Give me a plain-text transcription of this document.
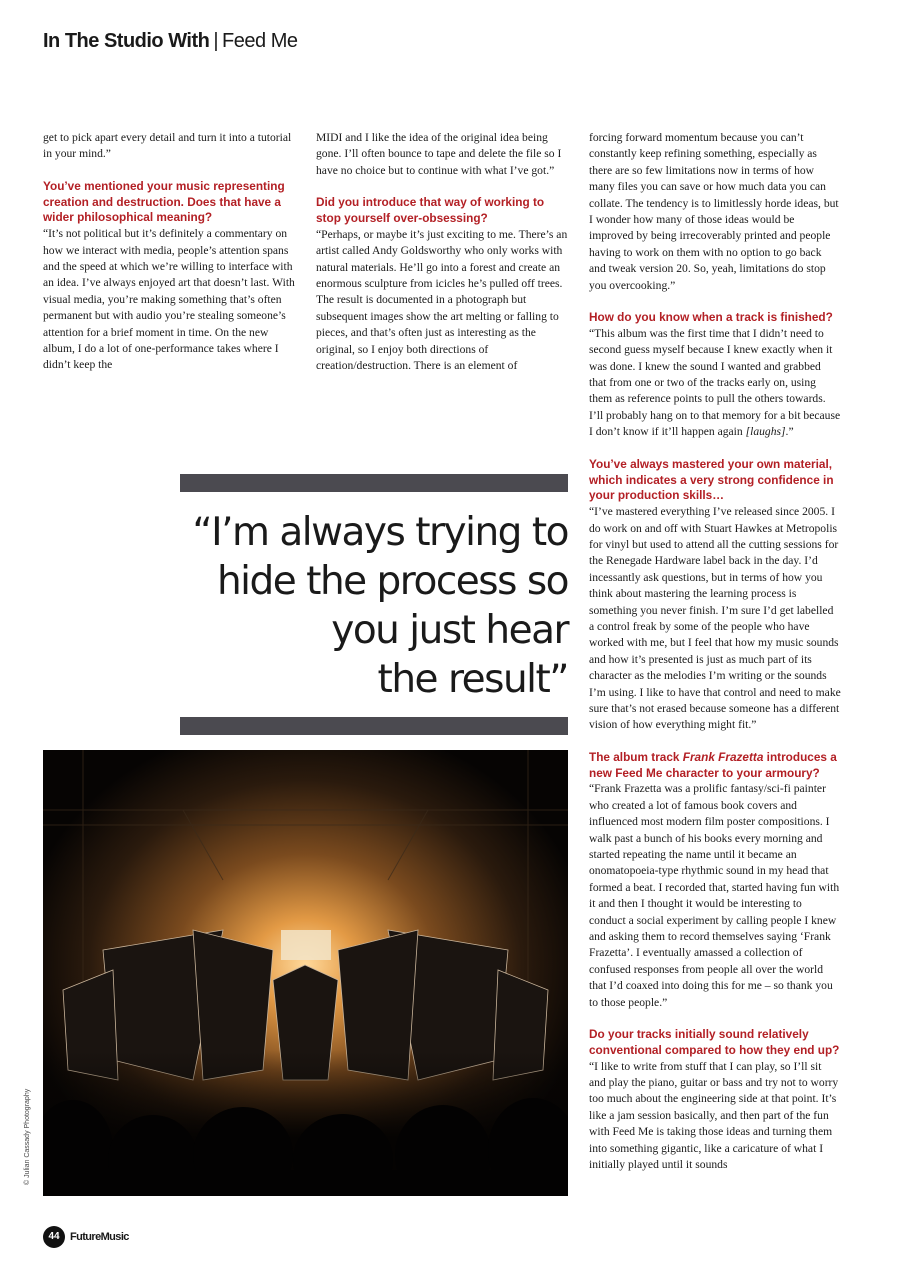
In The Studio With | Feed Me

get to pick apart every detail and turn it into a tutorial in your mind.”

You’ve mentioned your music representing creation and destruction. Does that have a wider philosophical meaning?

“It’s not political but it’s definitely a commentary on how we interact with media, people’s attention spans and the speed at which we’re willing to interface with an idea. I’ve always enjoyed art that doesn’t last. With visual media, you’re making something that’s often permanent but with audio you’re stealing someone’s attention for a brief moment in time. On the new album, I do a lot of one-performance takes where I didn’t keep the

MIDI and I like the idea of the original idea being gone. I’ll often bounce to tape and delete the file so I have no choice but to continue with what I’ve got.”

Did you introduce that way of working to stop yourself over-obsessing?

“Perhaps, or maybe it’s just exciting to me. There’s an artist called Andy Goldsworthy who only works with natural materials. He’ll go into a forest and create an enormous sculpture from icicles he’s pulled off trees. The result is documented in a photograph but subsequent images show the art melting or falling to pieces, and that’s often just as interesting as the original, so I enjoy both directions of creation/destruction. There is an element of

forcing forward momentum because you can’t constantly keep refining something, especially as there are so few limitations now in terms of how many files you can save or how much data you can collate. The tendency is to limitlessly horde ideas, but I wonder how many of those ideas would be improved by being irrecoverably printed and people having to work on them with no option to go back and tweak version 20. So, yeah, limitations do stop you overcooking.”

How do you know when a track is finished?

“This album was the first time that I didn’t need to second guess myself because I knew exactly when it was done. I knew the sound I wanted and grabbed that from one or two of the tracks early on, using them as reference points to pull the others towards. I’ll probably hang on to that memory for a bit because I don’t know if it’ll happen again [laughs].”

You’ve always mastered your own material, which indicates a very strong confidence in your production skills…

“I’ve mastered everything I’ve released since 2005. I do work on and off with Stuart Hawkes at Metropolis for vinyl but used to attend all the cutting sessions for the Renegade Hardware label back in the day. I’d incessantly ask questions, but in terms of how you think about mastering the learning process is something you never finish. I’m sure I’d get labelled a control freak by some of the people who have worked with me, but I feel that how my music sounds and how it’s presented is just as much part of its character as the melodies I’m writing or the sounds I’m using. I like to have that control and need to make sure that’s not erased because someone has a different vision of how everything might fit.”

The album track Frank Frazetta introduces a new Feed Me character to your armoury?

“Frank Frazetta was a prolific fantasy/sci-fi painter who created a lot of famous book covers and influenced most modern film poster compositions. I walk past a bunch of his books every morning and started repeating the name until it became an onomatopoeia-type rhythmic sound in my head that formed a beat. I recorded that, started having fun with it and then I thought it would be interesting to conduct a social experiment by calling people I knew and asking them to record themselves saying ‘Frank Frazetta’. I eventually amassed a collection of confused responses from people all over the world that I’d coaxed into doing this for me – so thank you to those people.”

Do your tracks initially sound relatively conventional compared to how they end up?

“I like to write from stuff that I can play, so I’ll sit and play the piano, guitar or bass and try not to worry too much about the engineering side at that point. It’s like a jam session basically, and then part of the fun with Feed Me is taking those ideas and turning them into something gigantic, like a caricature of what I initially played until it sounds

“I’m always trying to
hide the process so
you just hear
the result”
© Julian Cassady Photography
44 FutureMusic
